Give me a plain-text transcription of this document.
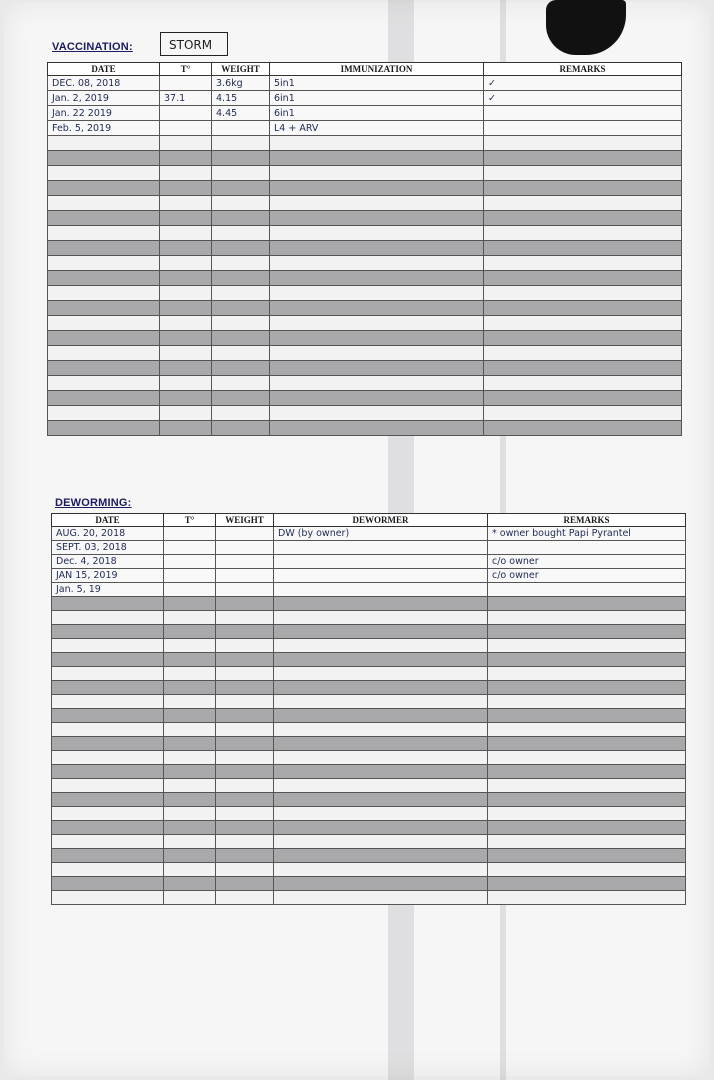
VACCINATION:	STORM
DATE	T°	WEIGHT	IMMUNIZATION	REMARKS
DEC. 08, 2018		3.6kg	5in1	✓
Jan. 2, 2019	37.1	4.15	6in1	✓
Jan. 22 2019		4.45	6in1	
Feb. 5, 2019			L4 + ARV	

DEWORMING:
DATE	T°	WEIGHT	DEWORMER	REMARKS
AUG. 20, 2018			DW (by owner)	* owner bought Papi Pyrantel
SEPT. 03, 2018				
Dec. 4, 2018				c/o owner
JAN 15, 2019				c/o owner
Jan. 5, 19				
